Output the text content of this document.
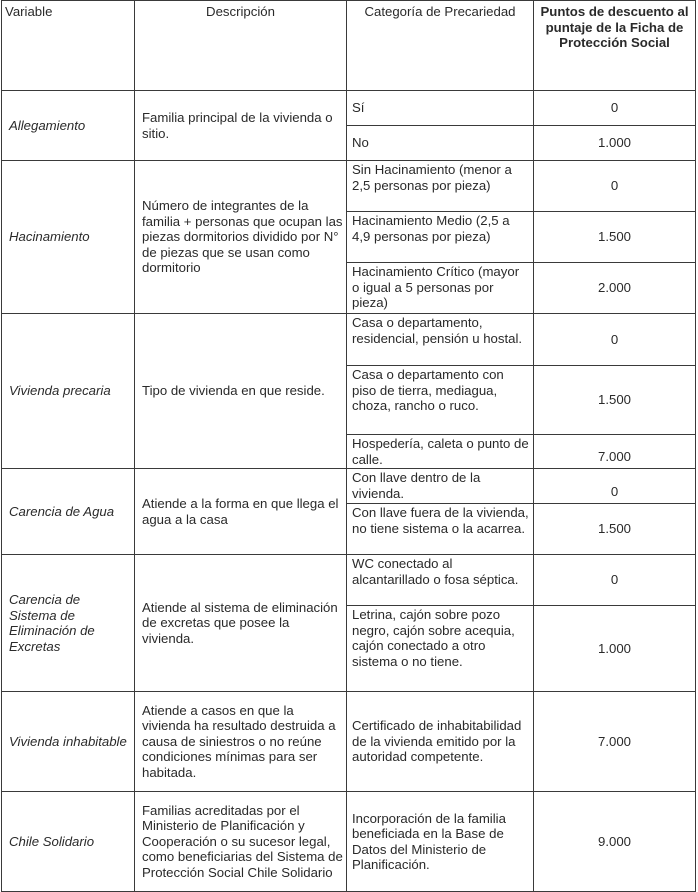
Variable	Descripción	Categoría de Precariedad	Puntos de descuento al puntaje de la Ficha de Protección Social
Allegamiento	Familia principal de la vivienda o sitio.	Sí	0
		No	1.000
Hacinamiento	Número de integrantes de la familia + personas que ocupan las piezas dormitorios dividido por N° de piezas que se usan como dormitorio	Sin Hacinamiento (menor a 2,5 personas por pieza)	0
		Hacinamiento Medio (2,5 a 4,9 personas por pieza)	1.500
		Hacinamiento Crítico (mayor o igual a 5 personas por pieza)	2.000
Vivienda precaria	Tipo de vivienda en que reside.	Casa o departamento, residencial, pensión u hostal.	0
		Casa o departamento con piso de tierra, mediagua, choza, rancho o ruco.	1.500
		Hospedería, caleta o punto de calle.	7.000
Carencia de Agua	Atiende a la forma en que llega el agua a la casa	Con llave dentro de la vivienda.	0
		Con llave fuera de la vivienda, no tiene sistema o la acarrea.	1.500
Carencia de Sistema de Eliminación de Excretas	Atiende al sistema de eliminación de excretas que posee la vivienda.	WC conectado al alcantarillado o fosa séptica.	0
		Letrina, cajón sobre pozo negro, cajón sobre acequia, cajón conectado a otro sistema o no tiene.	1.000
Vivienda inhabitable	Atiende a casos en que la vivienda ha resultado destruida a causa de siniestros o no reúne condiciones mínimas para ser habitada.	Certificado de inhabitabilidad de la vivienda emitido por la autoridad competente.	7.000
Chile Solidario	Familias acreditadas por el Ministerio de Planificación y Cooperación o su sucesor legal, como beneficiarias del Sistema de Protección Social Chile Solidario	Incorporación de la familia beneficiada en la Base de Datos del Ministerio de Planificación.	9.000
